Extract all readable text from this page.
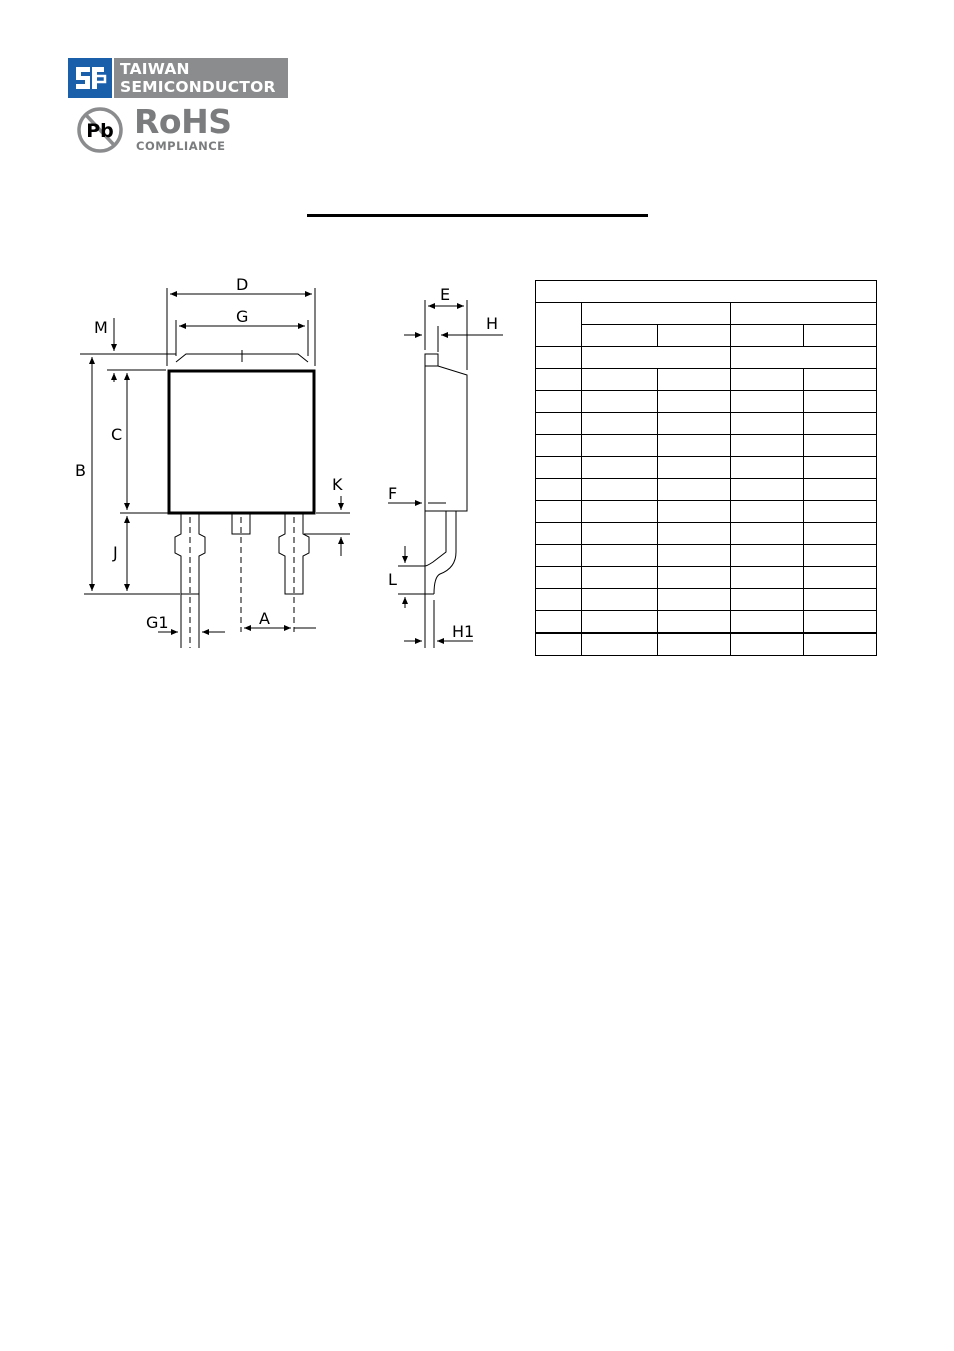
TAIWAN
SEMICONDUCTOR
Pb RoHS
COMPLIANCE
D
G
M
B
C
J
K
G1	A
E
H
F
L
H1
